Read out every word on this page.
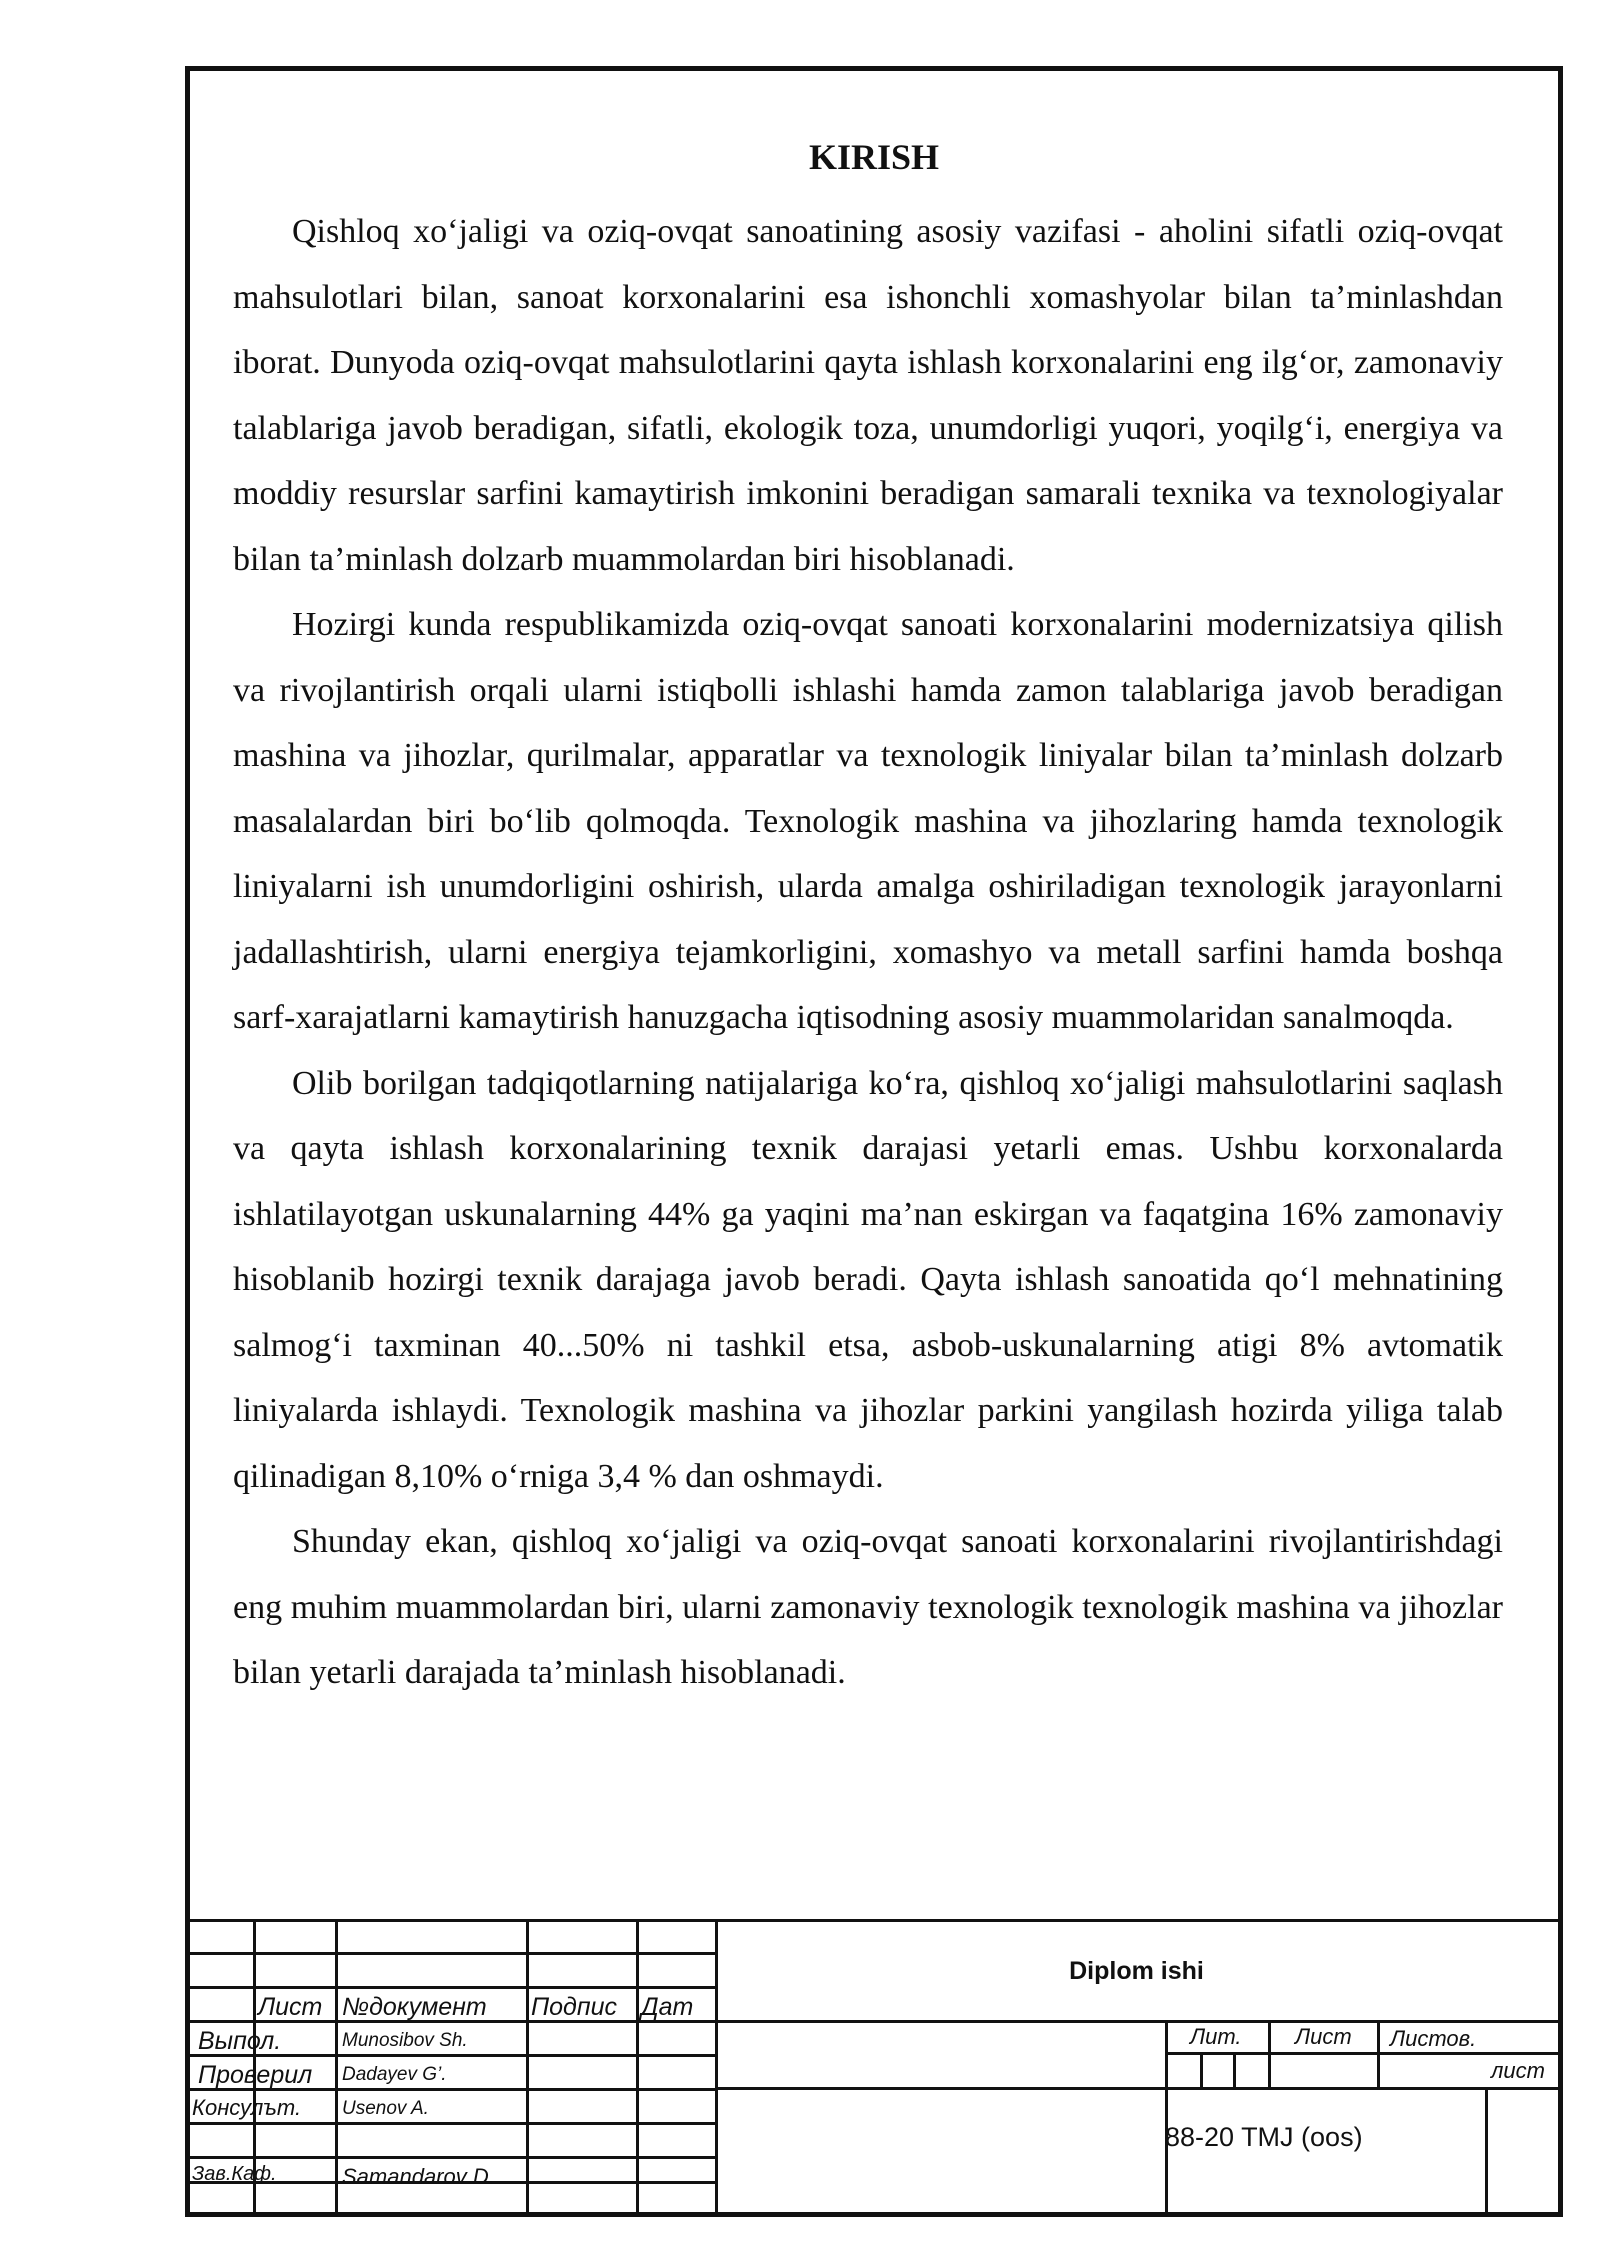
KIRISH

Qishloq xo‘jaligi va oziq-ovqat sanoatining asosiy vazifasi - aholini sifatli oziq-ovqat mahsulotlari bilan, sanoat korxonalarini esa ishonchli xomashyolar bilan ta’minlashdan iborat. Dunyoda oziq-ovqat mahsulotlarini qayta ishlash korxonalarini eng ilg‘or, zamonaviy talablariga javob beradigan, sifatli, ekologik toza, unumdorligi yuqori, yoqilg‘i, energiya va moddiy resurslar sarfini kamaytirish imkonini beradigan samarali texnika va texnologiyalar bilan ta’minlash dolzarb muammolardan biri hisoblanadi.

Hozirgi kunda respublikamizda oziq-ovqat sanoati korxonalarini modernizatsiya qilish va rivojlantirish orqali ularni istiqbolli ishlashi hamda zamon talablariga javob beradigan mashina va jihozlar, qurilmalar, apparatlar va texnologik liniyalar bilan ta’minlash dolzarb masalalardan biri bo‘lib qolmoqda. Texnologik mashina va jihozlaring hamda texnologik liniyalarni ish unumdorligini oshirish, ularda amalga oshiriladigan texnologik jarayonlarni jadallashtirish, ularni energiya tejamkorligini, xomashyo va metall sarfini hamda boshqa sarf-xarajatlarni kamaytirish hanuzgacha iqtisodning asosiy muammolaridan sanalmoqda.

Olib borilgan tadqiqotlarning natijalariga ko‘ra, qishloq xo‘jaligi mahsulotlarini saqlash va qayta ishlash korxonalarining texnik darajasi yetarli emas. Ushbu korxonalarda ishlatilayotgan uskunalarning 44% ga yaqini ma’nan eskirgan va faqatgina 16% zamonaviy hisoblanib hozirgi texnik darajaga javob beradi. Qayta ishlash sanoatida qo‘l mehnatining salmog‘i taxminan 40...50% ni tashkil etsa, asbob-uskunalarning atigi 8% avtomatik liniyalarda ishlaydi. Texnologik mashina va jihozlar parkini yangilash hozirda yiliga talab qilinadigan 8,10% o‘rniga 3,4 % dan oshmaydi.

Shunday ekan, qishloq xo‘jaligi va oziq-ovqat sanoati korxonalarini rivojlantirishdagi eng muhim muammolardan biri, ularni zamonaviy texnologik texnologik mashina va jihozlar bilan yetarli darajada ta’minlash hisoblanadi.

Лист №документ Подпис Дат
Выпол.
Проверил
Консулът.
Зав.Каф.
Munosibov Sh.
Dadayev G’.
Usenov A.
Samandarov D.
Diplom ishi
Лит. Лист Листов.
лист
88-20 TMJ (oos)
